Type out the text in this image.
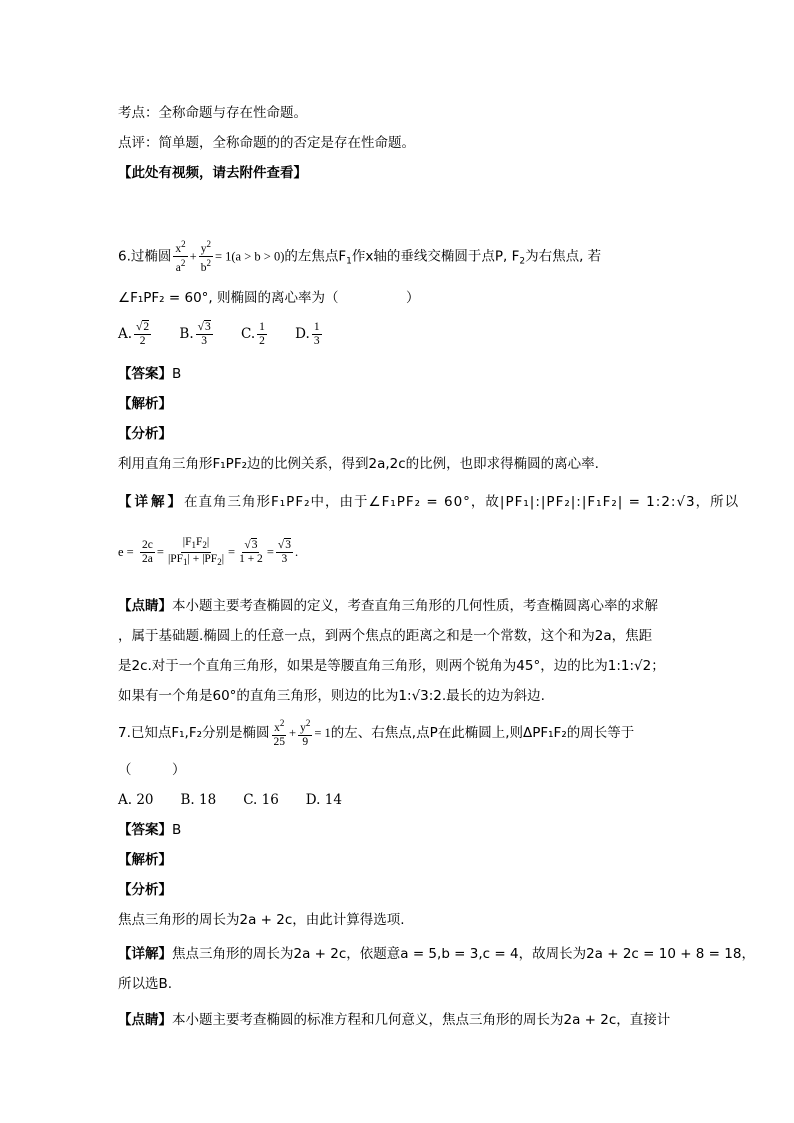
考点：全称命题与存在性命题。
点评：简单题，全称命题的的否定是存在性命题。
【此处有视频，请去附件查看】
6.过椭圆 $\frac{x^2}{a^2} + \frac{y^2}{b^2} = 1(a > b > 0)$的左焦点$F_1$作x轴的垂线交椭圆于点P, $F_2$为右焦点, 若
∠F₁PF₂ = 60°, 则椭圆的离心率为（　　　　　）
A. $\frac{√2}{2} B$. $\frac{√3}{3} C$. $\frac{1}{2} D$. $\frac{1}{3}$
【答案】B
【解析】
【分析】
利用直角三角形F₁PF₂边的比例关系，得到2a,2c的比例，也即求得椭圆的离心率.
【详解】在直角三角形F₁PF₂中，由于∠F₁PF₂ = 60°，故|PF₁|:|PF₂|:|F₁F₂| = 1:2:√3，所以
$e = \frac{2c}{2a} = \frac{|F_1F_2|}{|PF_1| + |PF_2|} = \frac{√3}{1 + 2} = \frac{√3}{3}$ .
【点睛】本小题主要考查椭圆的定义，考查直角三角形的几何性质，考查椭圆离心率的求解
，属于基础题.椭圆上的任意一点，到两个焦点的距离之和是一个常数，这个和为2a，焦距
是2c.对于一个直角三角形，如果是等腰直角三角形，则两个锐角为45°，边的比为1:1:√2；
如果有一个角是60°的直角三角形，则边的比为1:√3:2.最长的边为斜边.
7.已知点F₁,F₂分别是椭圆 $\frac{x^2}{25} + \frac{y^2}{9} = 1$的左、右焦点,点P在此椭圆上,则ΔPF₁F₂的周长等于
（　　　）
A. 20　　B. 18　　C. 16　　D. 14
【答案】B
【解析】
【分析】
焦点三角形的周长为2a + 2c，由此计算得选项.
【详解】焦点三角形的周长为2a + 2c，依题意a = 5,b = 3,c = 4，故周长为2a + 2c = 10 + 8 = 18，
所以选B.
【点睛】本小题主要考查椭圆的标准方程和几何意义，焦点三角形的周长为2a + 2c，直接计
